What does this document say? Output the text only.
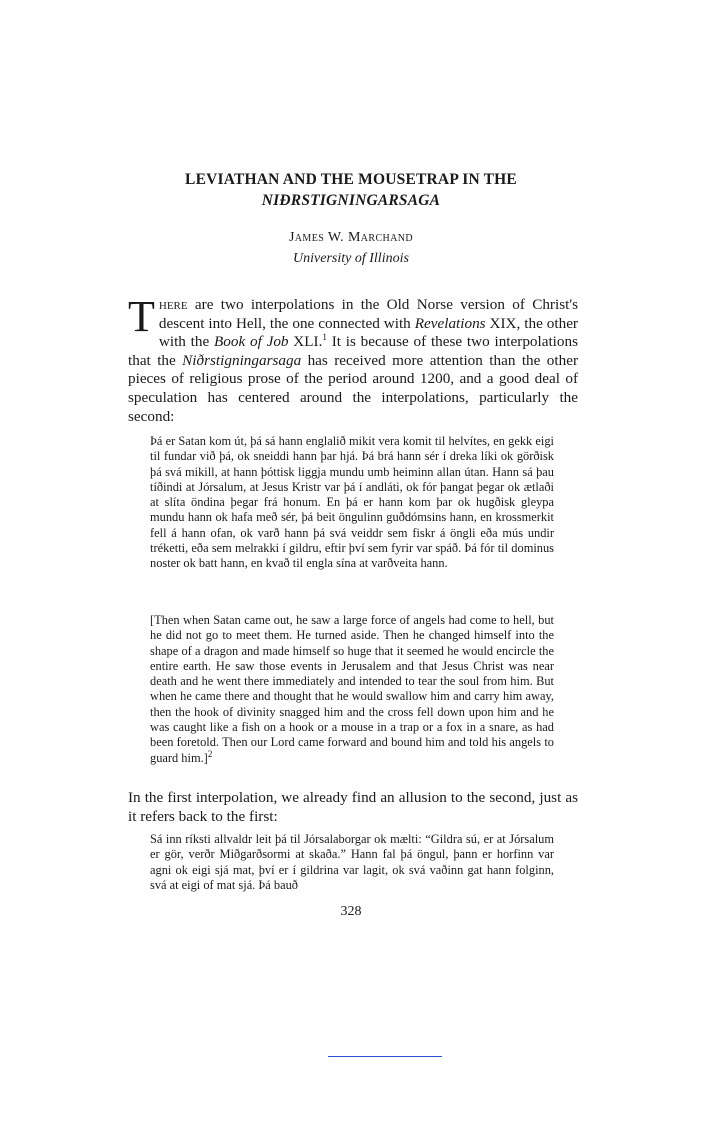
LEVIATHAN AND THE MOUSETRAP IN THE
NIÐRSTIGNINGARSAGA
James W. Marchand
University of Illinois

There are two interpolations in the Old Norse version of Christ's descent into Hell, the one connected with Revelations XIX, the other with the Book of Job XLI.$^1$ It is because of these two interpolations that the Niðrstigningarsaga has received more attention than the other pieces of religious prose of the period around 1200, and a good deal of speculation has centered around the interpolations, particularly the second:

Þá er Satan kom út, þá sá hann englalið mikit vera komit til helvítes, en gekk eigi til fundar við þá, ok sneiddi hann þar hjá. Þá brá hann sér í dreka líki ok görðisk þá svá mikill, at hann þóttisk liggja mundu umb heiminn allan útan. Hann sá þau tíðindi at Jórsalum, at Jesus Kristr var þá í andláti, ok fór þangat þegar ok ætlaði at slíta öndina þegar frá honum. En þá er hann kom þar ok hugðisk gleypa mundu hann ok hafa með sér, þá beit öngulinn guðdómsins hann, en krossmerkit fell á hann ofan, ok varð hann þá svá veiddr sem fiskr á öngli eða mús undir tréketti, eða sem melrakki í gildru, eftir því sem fyrir var spáð. Þá fór til dominus noster ok batt hann, en kvað til engla sína at varðveita hann.

[Then when Satan came out, he saw a large force of angels had come to hell, but he did not go to meet them. He turned aside. Then he changed himself into the shape of a dragon and made himself so huge that it seemed he would encircle the entire earth. He saw those events in Jerusalem and that Jesus Christ was near death and he went there immediately and intended to tear the soul from him. But when he came there and thought that he would swallow him and carry him away, then the hook of divinity snagged him and the cross fell down upon him and he was caught like a fish on a hook or a mouse in a trap or a fox in a snare, as had been foretold. Then our Lord came forward and bound him and told his angels to guard him.]$^2$

In the first interpolation, we already find an allusion to the second, just as it refers back to the first:

Sá inn ríksti allvaldr leit þá til Jórsalaborgar ok mælti: “Gildra sú, er at Jórsalum er gör, verðr Miðgarðsormi at skaða.” Hann fal þá öngul, þann er horfinn var agni ok eigi sjá mat, því er í gildrina var lagit, ok svá vaðinn gat hann folginn, svá at eigi of mat sjá. Þá bauð

328
